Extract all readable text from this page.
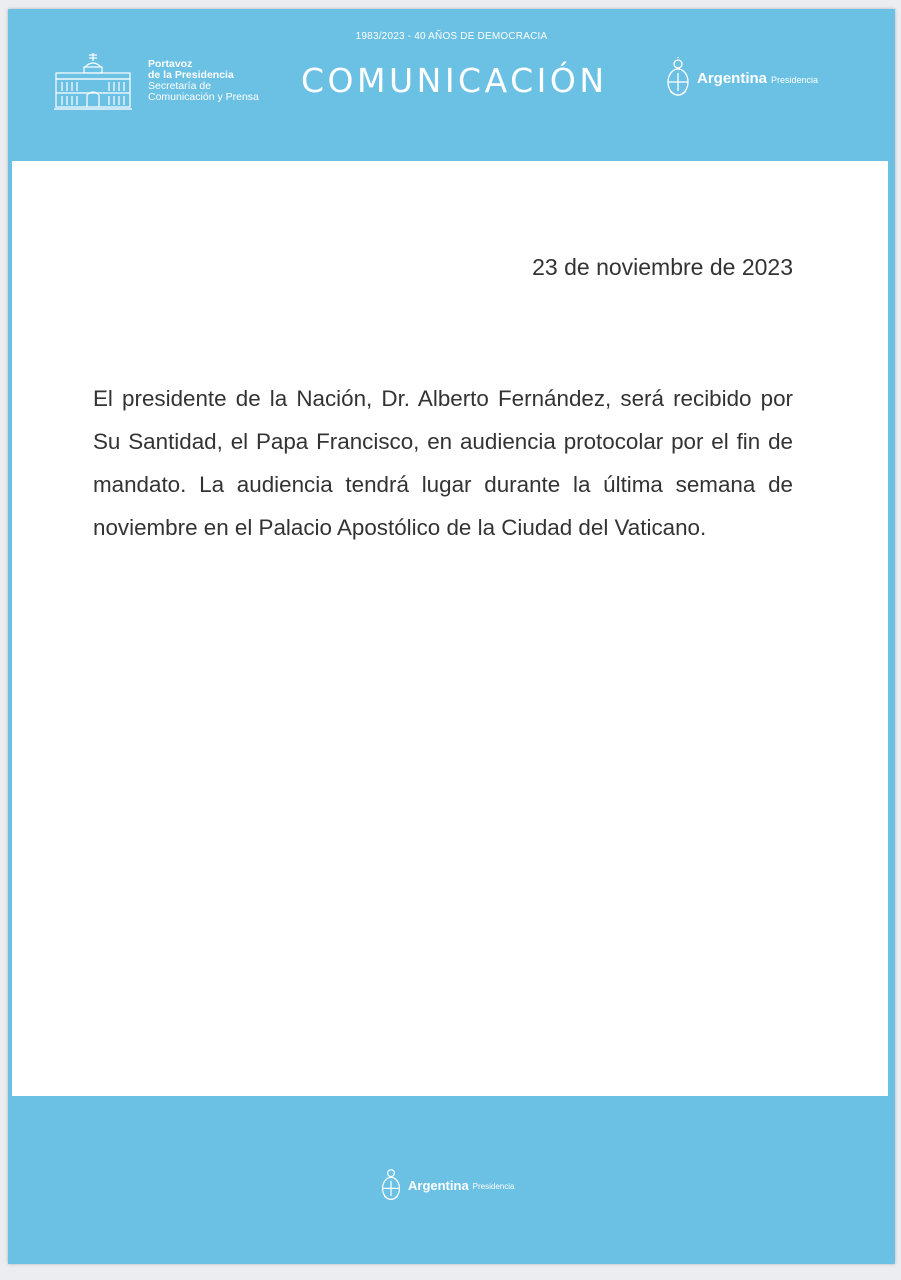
1983/2023 - 40 AÑOS DE DEMOCRACIA
Portavoz
de la Presidencia
Secretaría de
Comunicación y Prensa COMUNICACIÓN	Argentina Presidencia
23 de noviembre de 2023
El presidente de la Nación, Dr. Alberto Fernández, será recibido por Su Santidad, el Papa Francisco, en audiencia protocolar por el fin de mandato. La audiencia tendrá lugar durante la última semana de noviembre en el Palacio Apostólico de la Ciudad del Vaticano.
Argentina Presidencia
